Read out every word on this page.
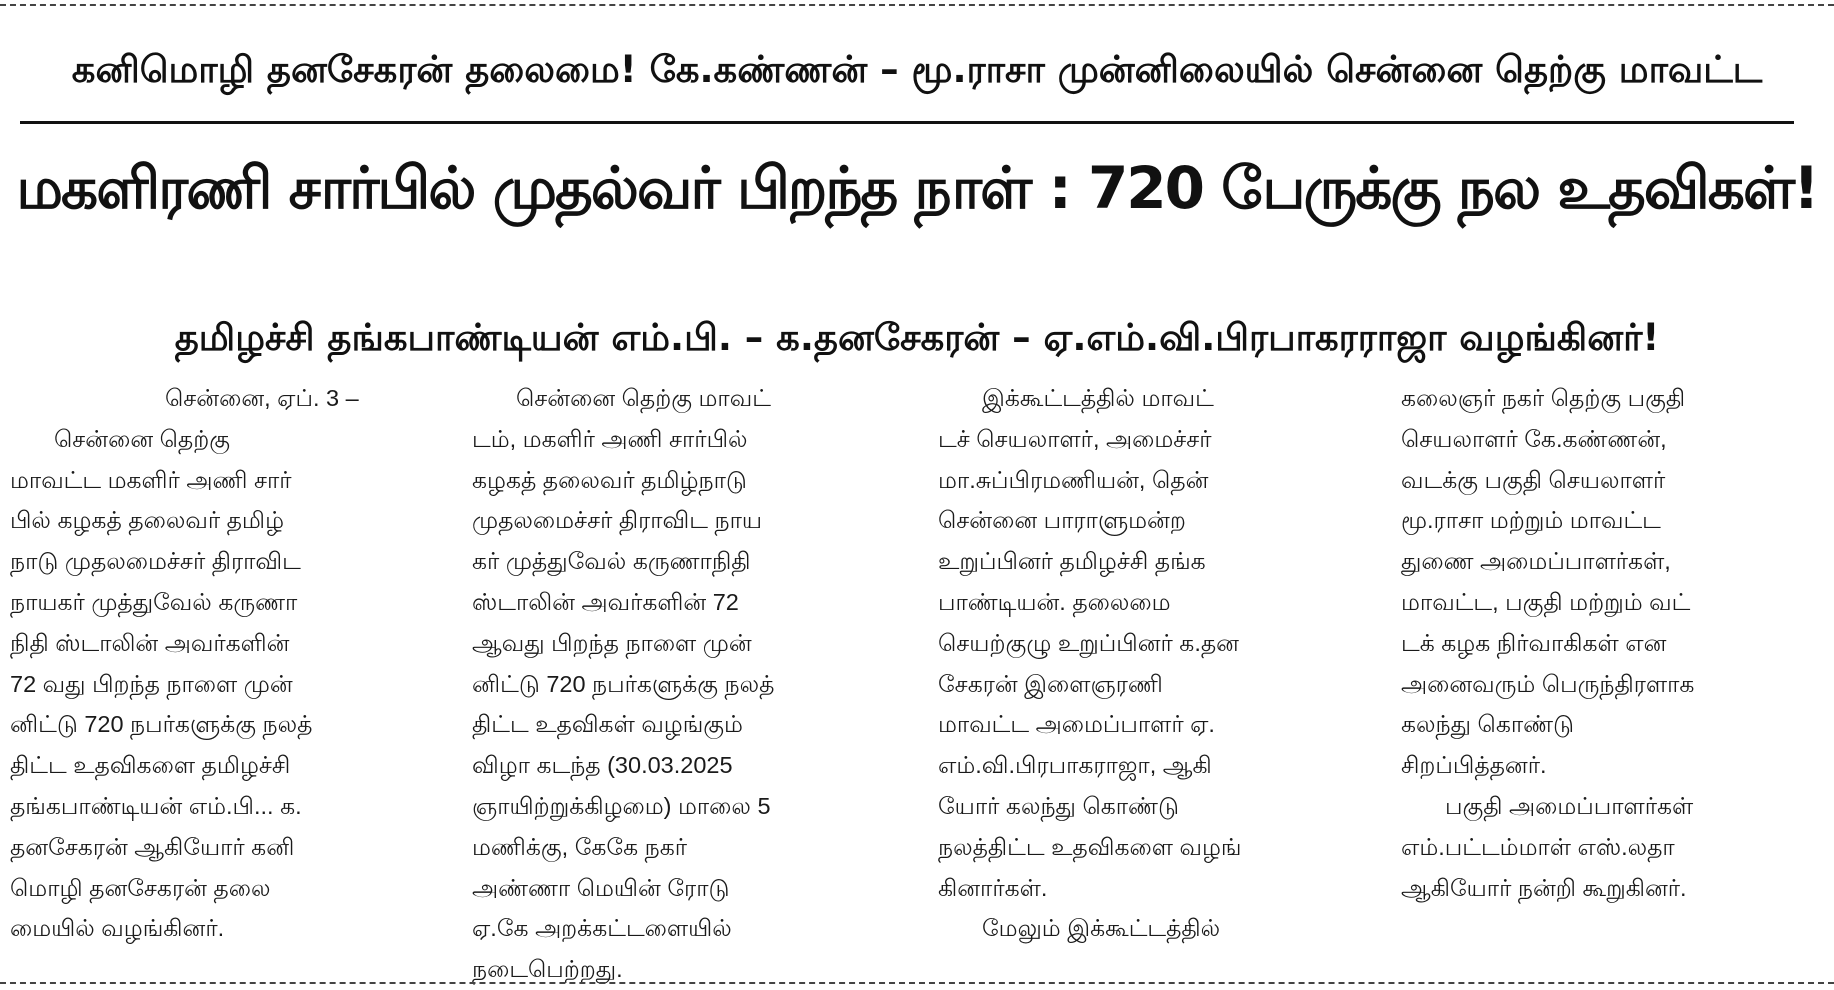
கனிமொழி தனசேகரன் தலைமை! கே.கண்ணன் – மூ.ராசா முன்னிலையில் சென்னை தெற்கு மாவட்ட
மகளிரணி சார்பில் முதல்வர் பிறந்த நாள் : 720 பேருக்கு நல உதவிகள்!
தமிழச்சி தங்கபாண்டியன் எம்.பி. – க.தனசேகரன் – ஏ.எம்.வி.பிரபாகரராஜா வழங்கினர்!
சென்னை, ஏப். 3 –
சென்னை தெற்கு
மாவட்ட மகளிர் அணி சார்
பில் கழகத் தலைவர் தமிழ்
நாடு முதலமைச்சர் திராவிட
நாயகர் முத்துவேல் கருணா
நிதி ஸ்டாலின் அவர்களின்
72 வது பிறந்த நாளை முன்
னிட்டு 720 நபர்களுக்கு நலத்
திட்ட உதவிகளை தமிழச்சி
தங்கபாண்டியன் எம்.பி... க.
தனசேகரன் ஆகியோர் கனி
மொழி தனசேகரன் தலை
மையில் வழங்கினர்.
சென்னை தெற்கு மாவட்
டம், மகளிர் அணி சார்பில்
கழகத் தலைவர் தமிழ்நாடு
முதலமைச்சர் திராவிட நாய
கர் முத்துவேல் கருணாநிதி
ஸ்டாலின் அவர்களின் 72
ஆவது பிறந்த நாளை முன்
னிட்டு 720 நபர்களுக்கு நலத்
திட்ட உதவிகள் வழங்கும்
விழா கடந்த (30.03.2025
ஞாயிற்றுக்கிழமை) மாலை 5
மணிக்கு, கேகே நகர்
அண்ணா மெயின் ரோடு
ஏ.கே அறக்கட்டளையில்
நடைபெற்றது.
இக்கூட்டத்தில் மாவட்
டச் செயலாளர், அமைச்சர்
மா.சுப்பிரமணியன், தென்
சென்னை பாராளுமன்ற
உறுப்பினர் தமிழச்சி தங்க
பாண்டியன். தலைமை
செயற்குழு உறுப்பினர் க.தன
சேகரன் இளைஞரணி
மாவட்ட அமைப்பாளர் ஏ.
எம்.வி.பிரபாகராஜா, ஆகி
யோர் கலந்து கொண்டு
நலத்திட்ட உதவிகளை வழங்
கினார்கள்.
மேலும் இக்கூட்டத்தில்
கலைஞர் நகர் தெற்கு பகுதி
செயலாளர் கே.கண்ணன்,
வடக்கு பகுதி செயலாளர்
மூ.ராசா மற்றும் மாவட்ட
துணை அமைப்பாளர்கள்,
மாவட்ட, பகுதி மற்றும் வட்
டக் கழக நிர்வாகிகள் என
அனைவரும் பெருந்திரளாக
கலந்து கொண்டு
சிறப்பித்தனர்.
பகுதி அமைப்பாளர்கள்
எம்.பட்டம்மாள் எஸ்.லதா
ஆகியோர் நன்றி கூறுகினர்.
